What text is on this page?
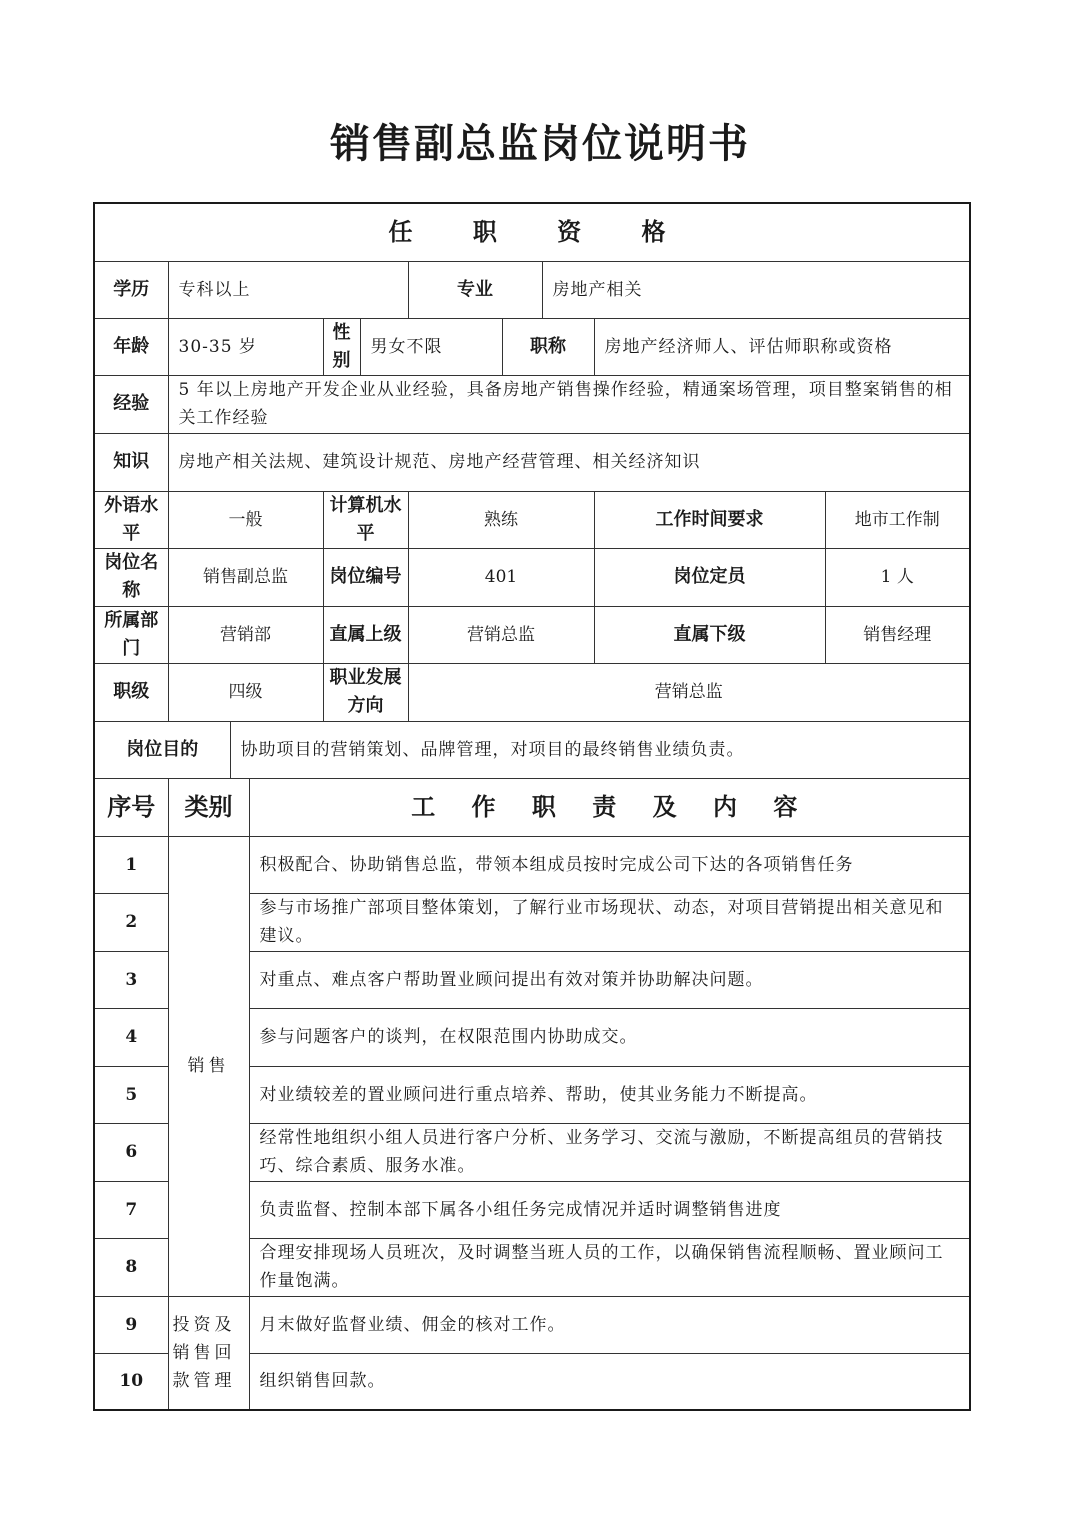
销售副总监岗位说明书
任 职 资 格										
学历	专科以上					专业		房地产相关		
年龄	30-35 岁			性别	男女不限		职称		房地产经济师人、评估师职称或资格	
经验	5 年以上房地产开发企业从业经验，具备房地产销售操作经验，精通案场管理，项目整案销售的相关工作经验									
知识	房地产相关法规、建筑设计规范、房地产经营管理、相关经济知识									
外语水平	一般			计算机水平		熟练			工作时间要求	地市工作制
岗位名称	销售副总监			岗位编号		401			岗位定员	1 人
所属部门	营销部			直属上级		营销总监			直属下级	销售经理
职级	四级			职业发展方向		营销总监				
岗位目的		协助项目的营销策划、品牌管理，对项目的最终销售业绩负责。								
序号	类别		工 作 职 责 及 内 容							
1	销售		积极配合、协助销售总监，带领本组成员按时完成公司下达的各项销售任务							
2			参与市场推广部项目整体策划，了解行业市场现状、动态，对项目营销提出相关意见和建议。							
3			对重点、难点客户帮助置业顾问提出有效对策并协助解决问题。							
4			参与问题客户的谈判，在权限范围内协助成交。							
5			对业绩较差的置业顾问进行重点培养、帮助，使其业务能力不断提高。							
6			经常性地组织小组人员进行客户分析、业务学习、交流与激励，不断提高组员的营销技巧、综合素质、服务水准。							
7			负责监督、控制本部下属各小组任务完成情况并适时调整销售进度							
8			合理安排现场人员班次，及时调整当班人员的工作，以确保销售流程顺畅、置业顾问工作量饱满。							
9	投资及销售回款管理		月末做好监督业绩、佣金的核对工作。							
10			组织销售回款。							
